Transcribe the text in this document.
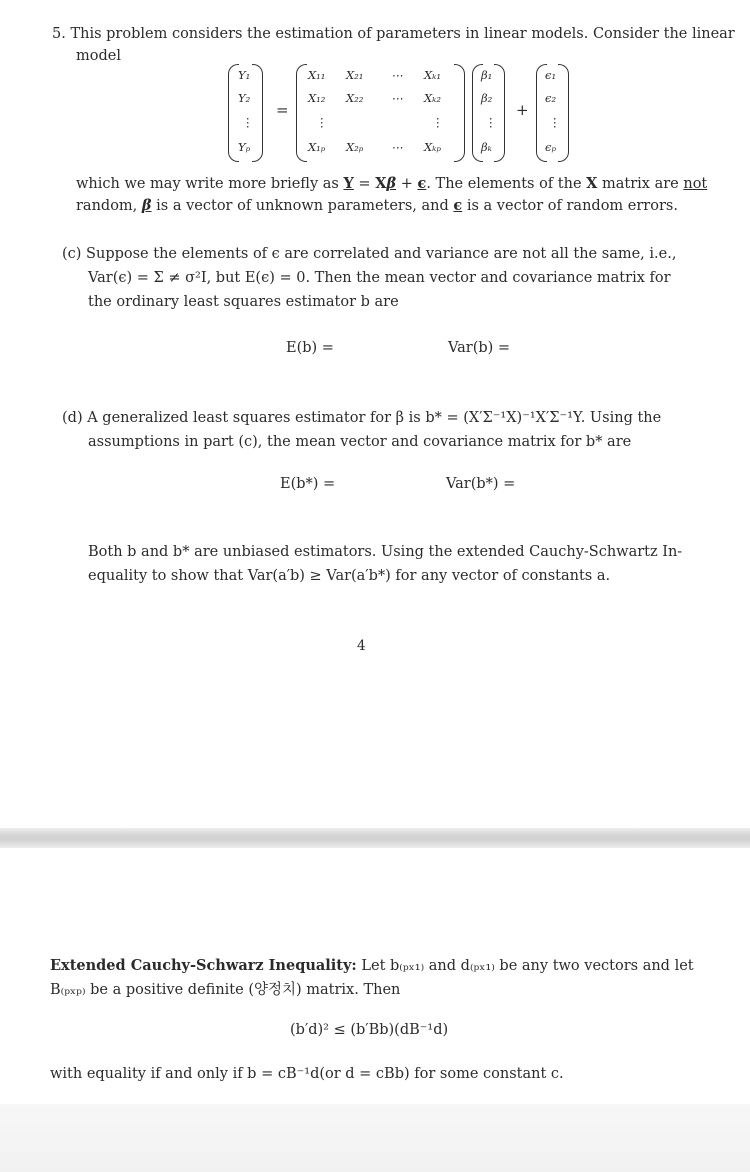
5. This problem considers the estimation of parameters in linear models. Consider the linear
model
Y₁
Y₂
⋮
Yₚ
=
X₁₁ X₂₁ ⋯ Xₖ₁
X₁₂ X₂₂ ⋯ Xₖ₂
⋮	⋮
X₁ₚ X₂ₚ ⋯ Xₖₚ
β₁
β₂
⋮
βₖ
+
ϵ₁
ϵ₂
⋮
ϵₚ
which we may write more briefly as Y = Xβ + ϵ. The elements of the X matrix are not
random, β is a vector of unknown parameters, and ϵ is a vector of random errors.
(c) Suppose the elements of ϵ are correlated and variance are not all the same, i.e.,
Var(ϵ) = Σ ≠ σ²I, but E(ϵ) = 0. Then the mean vector and covariance matrix for
the ordinary least squares estimator b are
E(b) =	Var(b) =
(d) A generalized least squares estimator for β is b* = (X′Σ⁻¹X)⁻¹X′Σ⁻¹Y. Using the
assumptions in part (c), the mean vector and covariance matrix for b* are
E(b*) =	Var(b*) =
Both b and b* are unbiased estimators. Using the extended Cauchy-Schwartz In-
equality to show that Var(a′b) ≥ Var(a′b*) for any vector of constants a.
4
Extended Cauchy-Schwarz Inequality: Let b₍ₚₓ₁₎ and d₍ₚₓ₁₎ be any two vectors and let
B₍ₚₓₚ₎ be a positive definite (양정치) matrix. Then
(b′d)² ≤ (b′Bb)(dB⁻¹d)
with equality if and only if b = cB⁻¹d(or d = cBb) for some constant c.
